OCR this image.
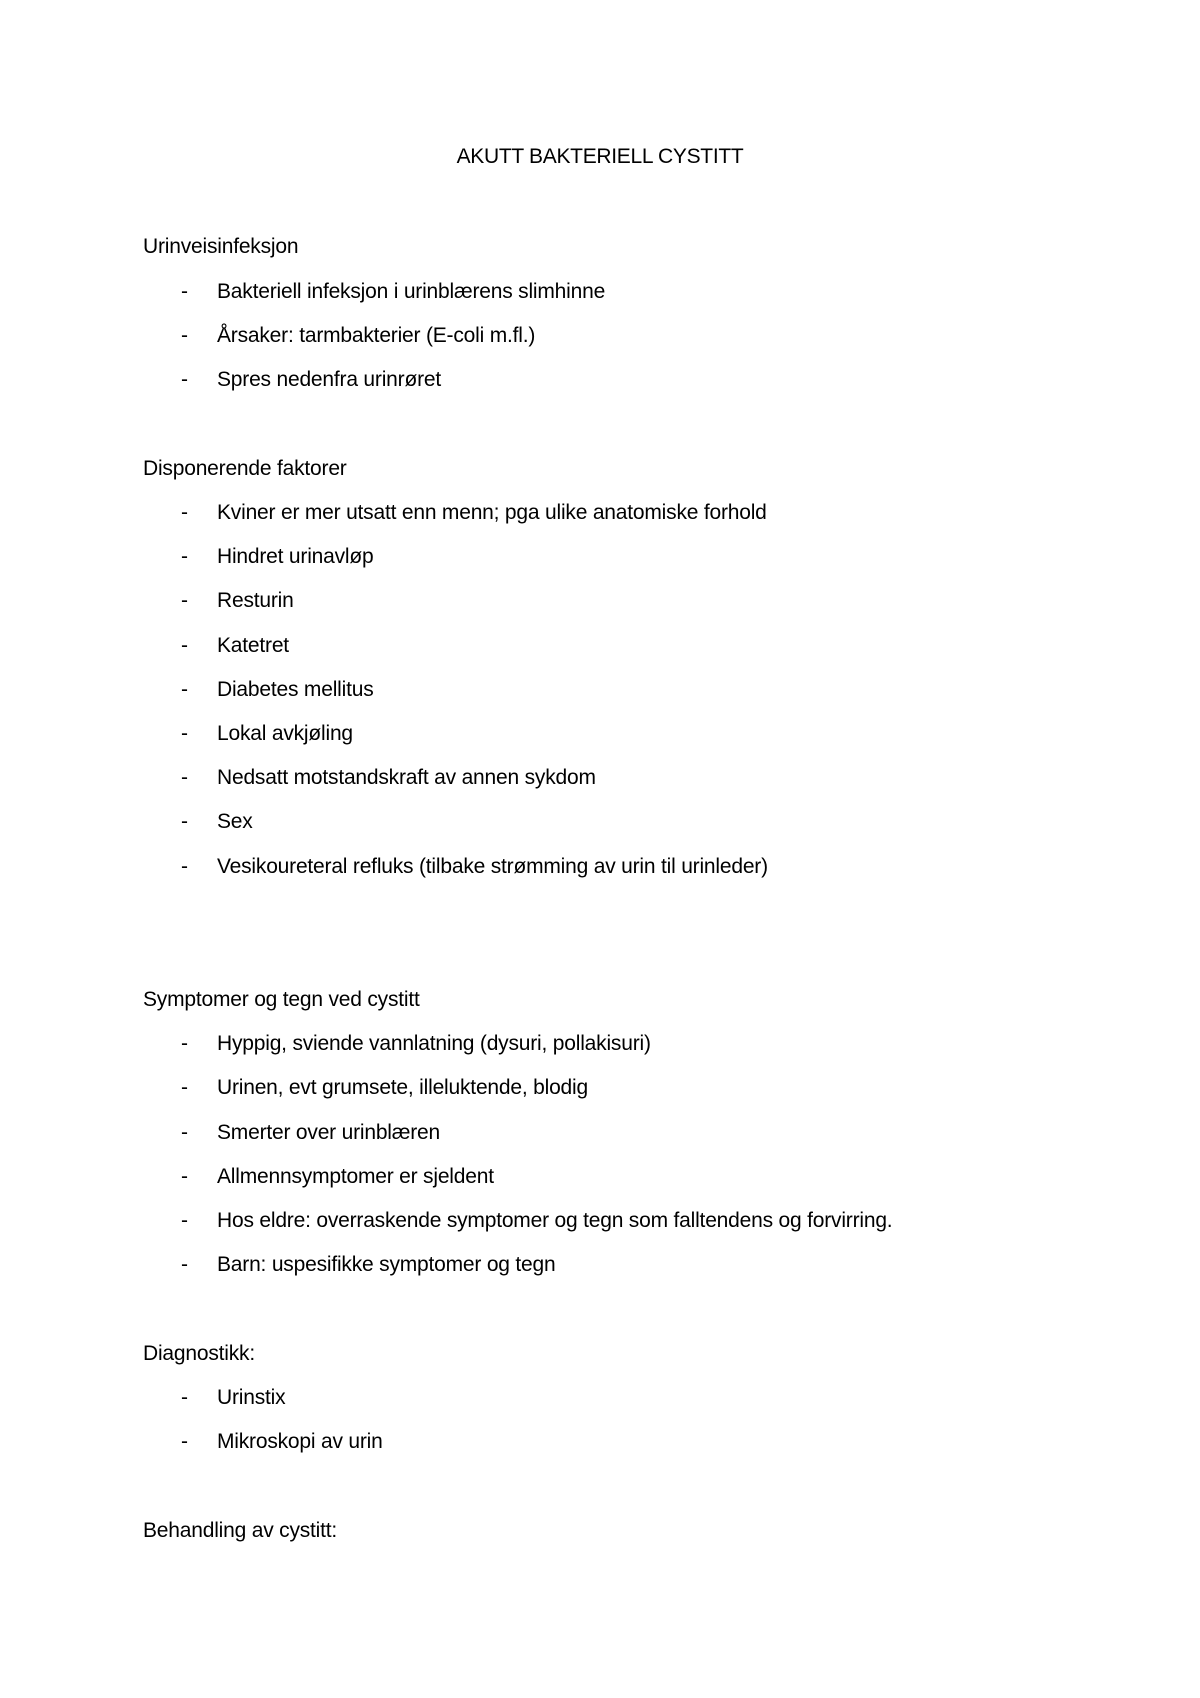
AKUTT BAKTERIELL CYSTITT
Urinveisinfeksjon
- Bakteriell infeksjon i urinblærens slimhinne
- Årsaker: tarmbakterier (E-coli m.fl.)
- Spres nedenfra urinrøret
Disponerende faktorer
- Kviner er mer utsatt enn menn; pga ulike anatomiske forhold
- Hindret urinavløp
- Resturin
- Katetret
- Diabetes mellitus
- Lokal avkjøling
- Nedsatt motstandskraft av annen sykdom
- Sex
- Vesikoureteral refluks (tilbake strømming av urin til urinleder)
Symptomer og tegn ved cystitt
- Hyppig, sviende vannlatning (dysuri, pollakisuri)
- Urinen, evt grumsete, illeluktende, blodig
- Smerter over urinblæren
- Allmennsymptomer er sjeldent
- Hos eldre: overraskende symptomer og tegn som falltendens og forvirring.
- Barn: uspesifikke symptomer og tegn
Diagnostikk:
- Urinstix
- Mikroskopi av urin
Behandling av cystitt:
